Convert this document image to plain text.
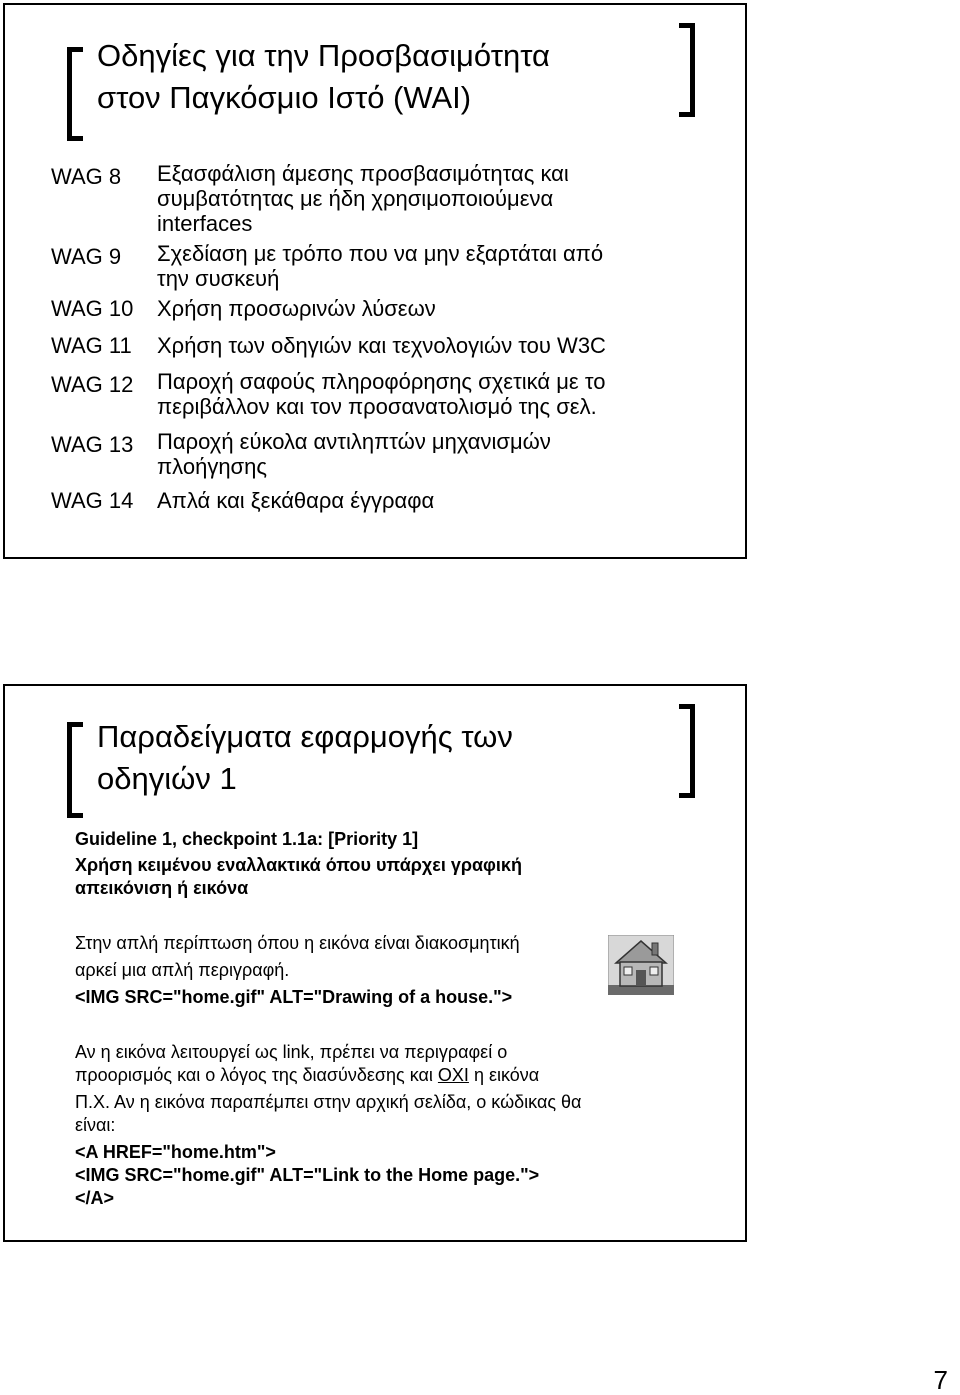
Οδηγίες για την Προσβασιμότητα
στον Παγκόσμιο Ιστό (WAI)
WAG 8 Εξασφάλιση άμεσης προσβασιμότητας και
συμβατότητας με ήδη χρησιμοποιούμενα
interfaces
WAG 9 Σχεδίαση με τρόπο που να μην εξαρτάται από
την συσκευή
WAG 10 Χρήση προσωρινών λύσεων
WAG 11 Χρήση των οδηγιών και τεχνολογιών του W3C
WAG 12 Παροχή σαφούς πληροφόρησης σχετικά με το
περιβάλλον και τον προσανατολισμό της σελ.
WAG 13 Παροχή εύκολα αντιληπτών μηχανισμών
πλοήγησης
WAG 14 Απλά και ξεκάθαρα έγγραφα
Παραδείγματα εφαρμογής των
οδηγιών 1
Guideline 1, checkpoint 1.1a: [Priority 1]
Χρήση κειμένου εναλλακτικά όπου υπάρχει γραφική
απεικόνιση ή εικόνα
Στην απλή περίπτωση όπου η εικόνα είναι διακοσμητική
αρκεί μια απλή περιγραφή.
<IMG SRC="home.gif" ALT="Drawing of a house.">
Αν η εικόνα λειτουργεί ως link, πρέπει να περιγραφεί ο
προορισμός και ο λόγος της διασύνδεσης και ΟΧΙ η εικόνα
Π.Χ. Αν η εικόνα παραπέμπει στην αρχική σελίδα, ο κώδικας θα
είναι:
<A HREF="home.htm">
<IMG SRC="home.gif" ALT="Link to the Home page.">
</A>
7
